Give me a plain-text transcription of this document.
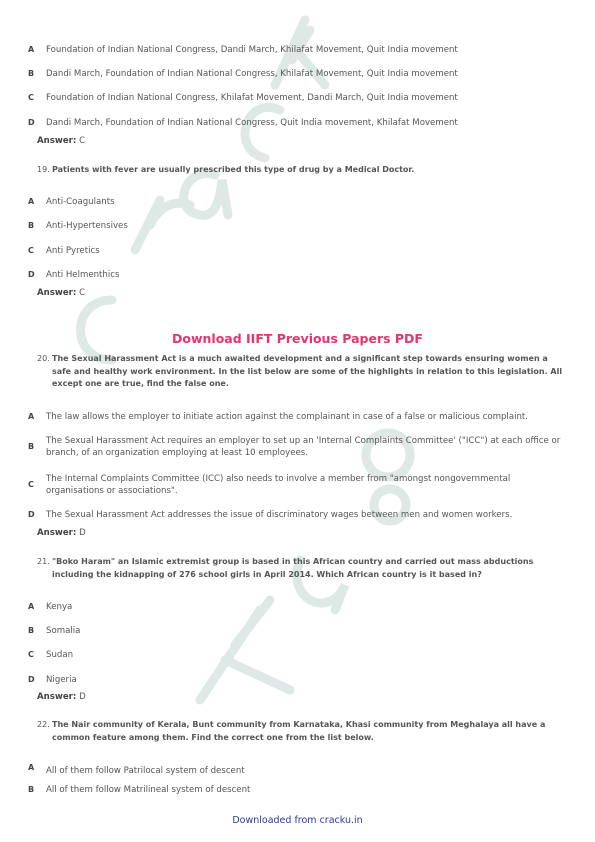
Cracku
A Foundation of Indian National Congress, Dandi March, Khilafat Movement, Quit India movement
B Dandi March, Foundation of Indian National Congress, Khilafat Movement, Quit India movement
C Foundation of Indian National Congress, Khilafat Movement, Dandi March, Quit India movement
D Dandi March, Foundation of Indian National Congress, Quit India movement, Khilafat Movement
Answer: C
19. Patients with fever are usually prescribed this type of drug by a Medical Doctor.
A Anti-Coagulants
B Anti-Hypertensives
C Anti Pyretics
D Anti Helmenthics
Answer: C
Download IIFT Previous Papers PDF
20. The Sexual Harassment Act is a much awaited development and a significant step towards ensuring women a safe and healthy work environment. In the list below are some of the highlights in relation to this legislation. All except one are true, find the false one.
A The law allows the employer to initiate action against the complainant in case of a false or malicious complaint.
B
The Sexual Harassment Act requires an employer to set up an 'Internal Complaints Committee' ("ICC") at each office or branch, of an organization employing at least 10 employees.
C
The Internal Complaints Committee (ICC) also needs to involve a member from "amongst nongovernmental organisations or associations".
D The Sexual Harassment Act addresses the issue of discriminatory wages between men and women workers.
Answer: D
21. "Boko Haram" an Islamic extremist group is based in this African country and carried out mass abductions including the kidnapping of 276 school girls in April 2014. Which African country is it based in?
A Kenya
B Somalia
C Sudan
D Nigeria
Answer: D
22. The Nair community of Kerala, Bunt community from Karnataka, Khasi community from Meghalaya all have a common feature among them. Find the correct one from the list below.
A All of them follow Patrilocal system of descent
B All of them follow Matrilineal system of descent
Downloaded from cracku.in
